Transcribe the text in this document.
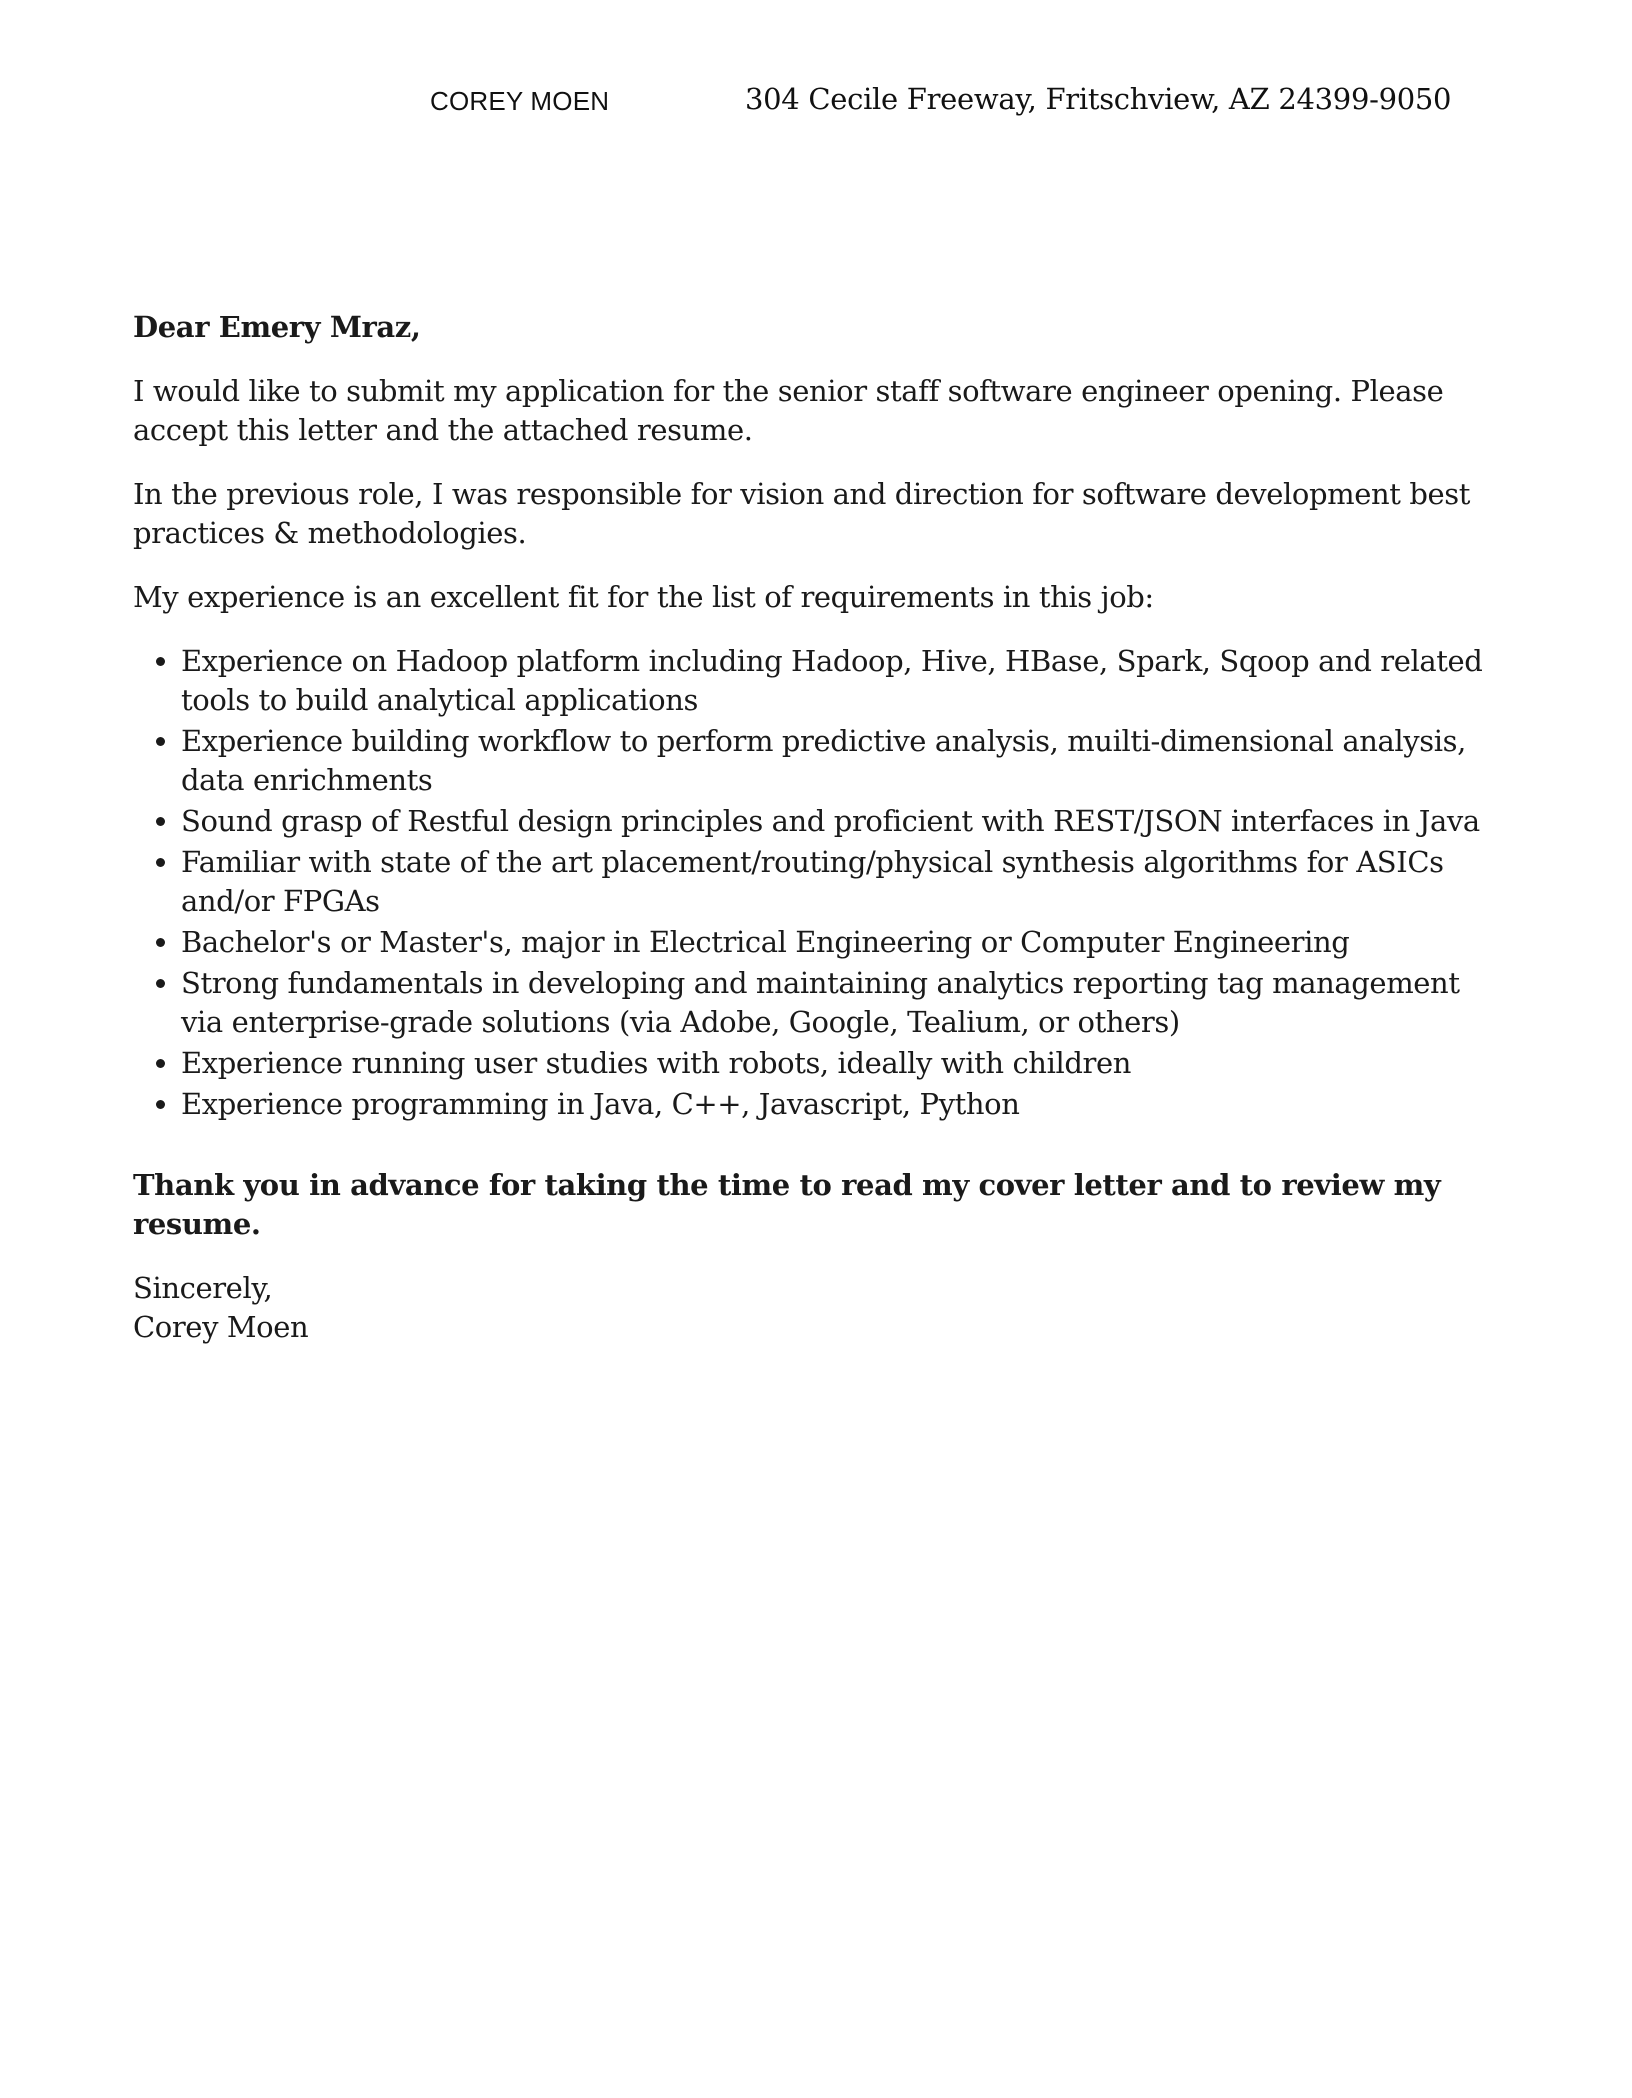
COREY MOEN	304 Cecile Freeway, Fritschview, AZ 24399-9050

Dear Emery Mraz,

I would like to submit my application for the senior staff software engineer opening. Please accept this letter and the attached resume.

In the previous role, I was responsible for vision and direction for software development best practices & methodologies.

My experience is an excellent fit for the list of requirements in this job:

• Experience on Hadoop platform including Hadoop, Hive, HBase, Spark, Sqoop and related tools to build analytical applications
• Experience building workflow to perform predictive analysis, muilti-dimensional analysis, data enrichments
• Sound grasp of Restful design principles and proficient with REST/JSON interfaces in Java
• Familiar with state of the art placement/routing/physical synthesis algorithms for ASICs and/or FPGAs
• Bachelor's or Master's, major in Electrical Engineering or Computer Engineering
• Strong fundamentals in developing and maintaining analytics reporting tag management via enterprise-grade solutions (via Adobe, Google, Tealium, or others)
• Experience running user studies with robots, ideally with children
• Experience programming in Java, C++, Javascript, Python

Thank you in advance for taking the time to read my cover letter and to review my resume.

Sincerely,
Corey Moen
